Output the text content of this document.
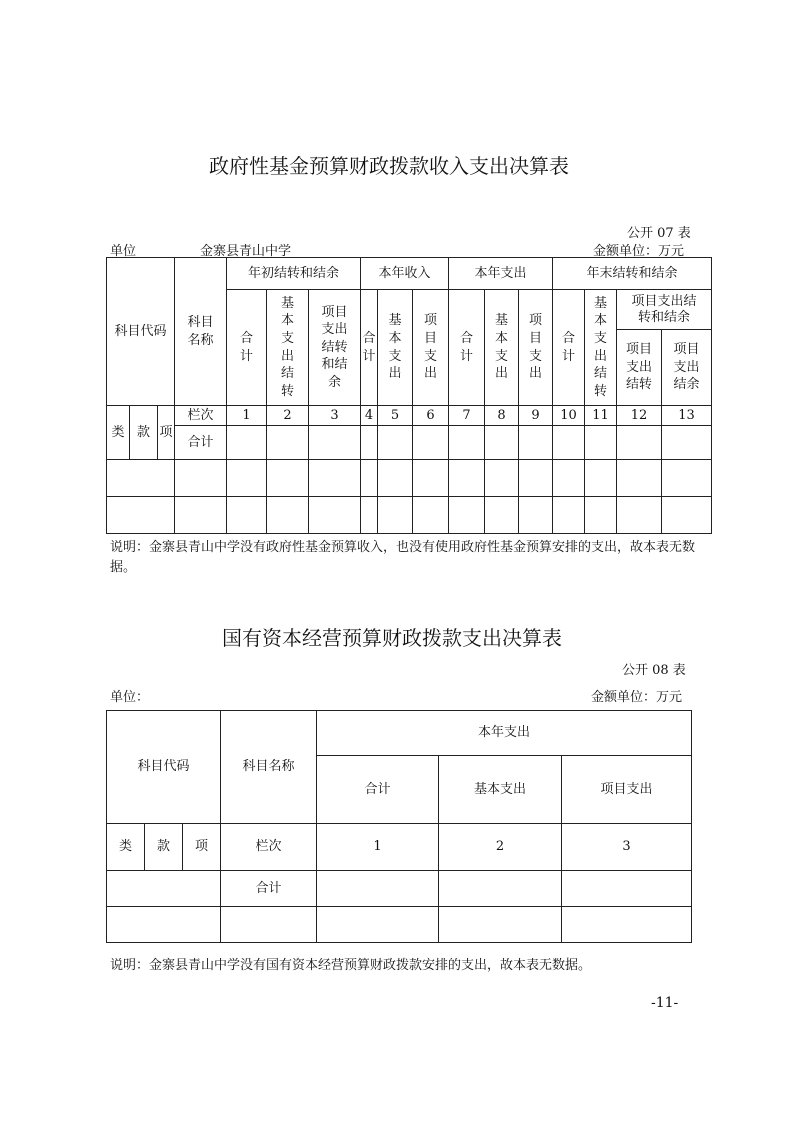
政府性基金预算财政拨款收入支出决算表
公开 07 表
单位	金寨县青山中学	金额单位：万元
科目代码			科目名称	年初结转和结余			本年收入			本年支出			年末结转和结余			
				合计	基本支出结转	项目支出结转和结余	合计	基本支出	项目支出	合计	基本支出	项目支出	合计	基本支出结转	项目支出结转和结余	
															项目支出结转	项目支出结余

类	款	项	栏次	1	2	3	4	5	6	7	8	9	10	11	12	13
			合计													

说明：金寨县青山中学没有政府性基金预算收入，也没有使用政府性基金预算安排的支出，故本表无数据。
国有资本经营预算财政拨款支出决算表
公开 08 表
单位：	金额单位：万元
科目代码			科目名称	本年支出		
				合计	基本支出	项目支出
类	款	项	栏次	1	2	3
			合计			

说明：金寨县青山中学没有国有资本经营预算财政拨款安排的支出，故本表无数据。
-11-
